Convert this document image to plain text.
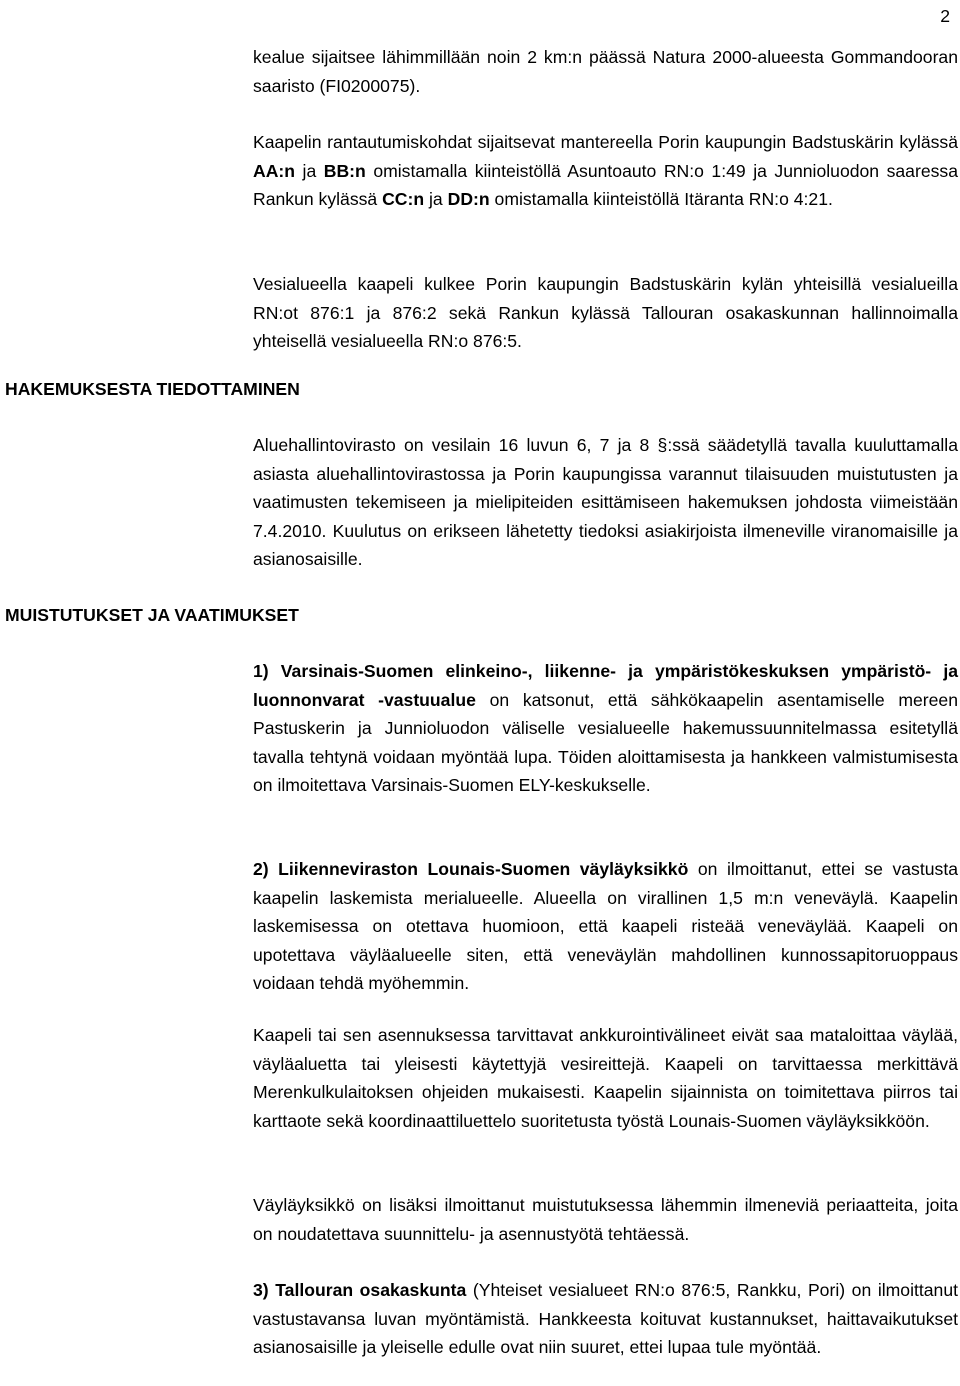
2

kealue sijaitsee lähimmillään noin 2 km:n päässä Natura 2000-alueesta Gommandooran saaristo (FI0200075).

Kaapelin rantautumiskohdat sijaitsevat mantereella Porin kaupungin Badstuskärin kylässä AA:n ja BB:n omistamalla kiinteistöllä Asuntoauto RN:o 1:49 ja Junnioluodon saaressa Rankun kylässä CC:n ja DD:n omistamalla kiinteistöllä Itäranta RN:o 4:21.

Vesialueella kaapeli kulkee Porin kaupungin Badstuskärin kylän yhteisillä vesialueilla RN:ot 876:1 ja 876:2 sekä Rankun kylässä Tallouran osakaskunnan hallinnoimalla yhteisellä vesialueella RN:o 876:5.

HAKEMUKSESTA TIEDOTTAMINEN

Aluehallintovirasto on vesilain 16 luvun 6, 7 ja 8 §:ssä säädetyllä tavalla kuuluttamalla asiasta aluehallintovirastossa ja Porin kaupungissa varannut tilaisuuden muistutusten ja vaatimusten tekemiseen ja mielipiteiden esittämiseen hakemuksen johdosta viimeistään 7.4.2010. Kuulutus on erikseen lähetetty tiedoksi asiakirjoista ilmeneville viranomaisille ja asianosaisille.

MUISTUTUKSET JA VAATIMUKSET

1) Varsinais-Suomen elinkeino-, liikenne- ja ympäristökeskuksen ympäristö- ja luonnonvarat -vastuualue on katsonut, että sähkökaapelin asentamiselle mereen Pastuskerin ja Junnioluodon väliselle vesialueelle hakemussuunnitelmassa esitetyllä tavalla tehtynä voidaan myöntää lupa. Töiden aloittamisesta ja hankkeen valmistumisesta on ilmoitettava Varsinais-Suomen ELY-keskukselle.

2) Liikenneviraston Lounais-Suomen väyläyksikkö on ilmoittanut, ettei se vastusta kaapelin laskemista merialueelle. Alueella on virallinen 1,5 m:n veneväylä. Kaapelin laskemisessa on otettava huomioon, että kaapeli risteää veneväylää. Kaapeli on upotettava väyläalueelle siten, että veneväylän mahdollinen kunnossapitoruoppaus voidaan tehdä myöhemmin.

Kaapeli tai sen asennuksessa tarvittavat ankkurointivälineet eivät saa mataloittaa väylää, väyläaluetta tai yleisesti käytettyjä vesireittejä. Kaapeli on tarvittaessa merkittävä Merenkulkulaitoksen ohjeiden mukaisesti. Kaapelin sijainnista on toimitettava piirros tai karttaote sekä koordinaattiluettelo suoritetusta työstä Lounais-Suomen väyläyksikköön.

Väyläyksikkö on lisäksi ilmoittanut muistutuksessa lähemmin ilmeneviä periaatteita, joita on noudatettava suunnittelu- ja asennustyötä tehtäessä.

3) Tallouran osakaskunta (Yhteiset vesialueet RN:o 876:5, Rankku, Pori) on ilmoittanut vastustavansa luvan myöntämistä. Hankkeesta koituvat kustannukset, haittavaikutukset asianosaisille ja yleiselle edulle ovat niin suuret, ettei lupaa tule myöntää.
